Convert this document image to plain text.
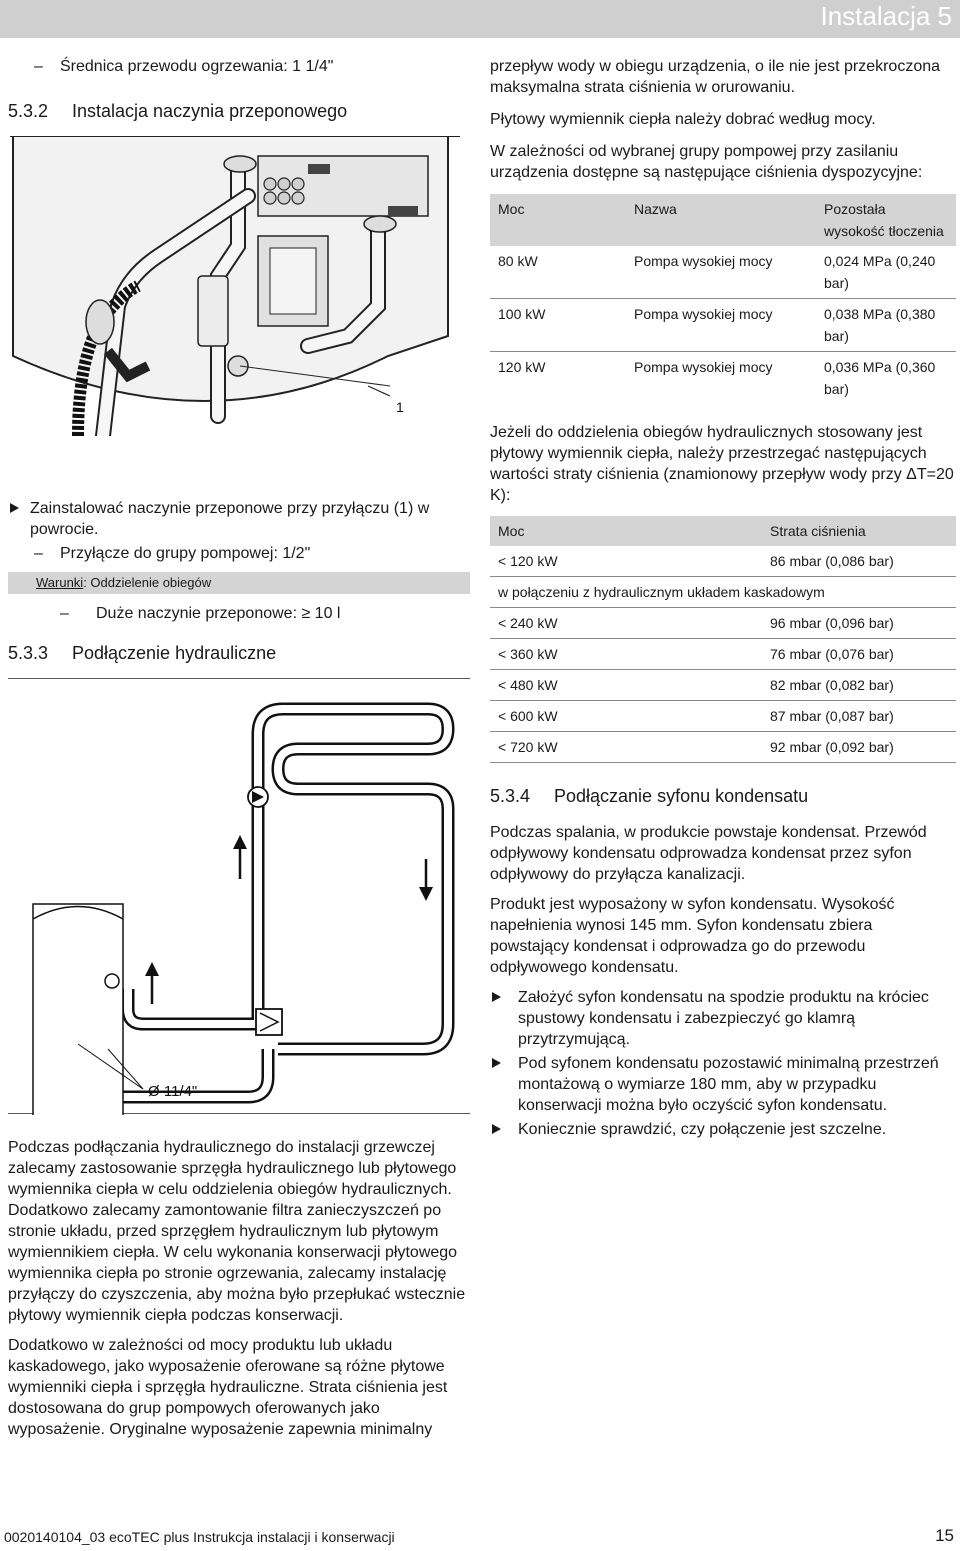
Instalacja 5
– Średnica przewodu ogrzewania: 1 1/4"
5.3.2	Instalacja naczynia przeponowego
1
Zainstalować naczynie przeponowe przy przyłączu (1) w powrocie.
– Przyłącze do grupy pompowej: 1/2"
Warunki: Oddzielenie obiegów
– Duże naczynie przeponowe: ≥ 10 l
5.3.3	Podłączenie hydrauliczne
Ø 11/4"

Podczas podłączania hydraulicznego do instalacji grzewczej zalecamy zastosowanie sprzęgła hydraulicznego lub płytowego wymiennika ciepła w celu oddzielenia obiegów hydraulicznych. Dodatkowo zalecamy zamontowanie filtra zanieczyszczeń po stronie układu, przed sprzęgłem hydraulicznym lub płytowym wymiennikiem ciepła. W celu wykonania konserwacji płytowego wymiennika ciepła po stronie ogrzewania, zalecamy instalację przyłączy do czyszczenia, aby można było przepłukać wstecznie płytowy wymiennik ciepła podczas konserwacji.

Dodatkowo w zależności od mocy produktu lub układu kaskadowego, jako wyposażenie oferowane są różne płytowe wymienniki ciepła i sprzęgła hydrauliczne. Strata ciśnienia jest dostosowana do grup pompowych oferowanych jako wyposażenie. Oryginalne wyposażenie zapewnia minimalny

przepływ wody w obiegu urządzenia, o ile nie jest przekroczona maksymalna strata ciśnienia w orurowaniu.

Płytowy wymiennik ciepła należy dobrać według mocy.

W zależności od wybranej grupy pompowej przy zasilaniu urządzenia dostępne są następujące ciśnienia dyspozycyjne:

Moc	Nazwa	Pozostała wysokość tłoczenia
80 kW	Pompa wysokiej mocy	0,024 MPa (0,240 bar)
100 kW	Pompa wysokiej mocy	0,038 MPa (0,380 bar)
120 kW	Pompa wysokiej mocy	0,036 MPa (0,360 bar)

Jeżeli do oddzielenia obiegów hydraulicznych stosowany jest płytowy wymiennik ciepła, należy przestrzegać następujących wartości straty ciśnienia (znamionowy przepływ wody przy ΔT=20 K):

Moc	Strata ciśnienia
< 120 kW	86 mbar (0,086 bar)
w połączeniu z hydraulicznym układem kaskadowym	
< 240 kW	96 mbar (0,096 bar)
< 360 kW	76 mbar (0,076 bar)
< 480 kW	82 mbar (0,082 bar)
< 600 kW	87 mbar (0,087 bar)
< 720 kW	92 mbar (0,092 bar)
5.3.4	Podłączanie syfonu kondensatu

Podczas spalania, w produkcie powstaje kondensat. Przewód odpływowy kondensatu odprowadza kondensat przez syfon odpływowy do przyłącza kanalizacji.

Produkt jest wyposażony w syfon kondensatu. Wysokość napełnienia wynosi 145 mm. Syfon kondensatu zbiera powstający kondensat i odprowadza go do przewodu odpływowego kondensatu.

Założyć syfon kondensatu na spodzie produktu na króciec spustowy kondensatu i zabezpieczyć go klamrą przytrzymującą.
Pod syfonem kondensatu pozostawić minimalną przestrzeń montażową o wymiarze 180 mm, aby w przypadku konserwacji można było oczyścić syfon kondensatu.
Koniecznie sprawdzić, czy połączenie jest szczelne.
0020140104_03 ecoTEC plus Instrukcja instalacji i konserwacji	15
